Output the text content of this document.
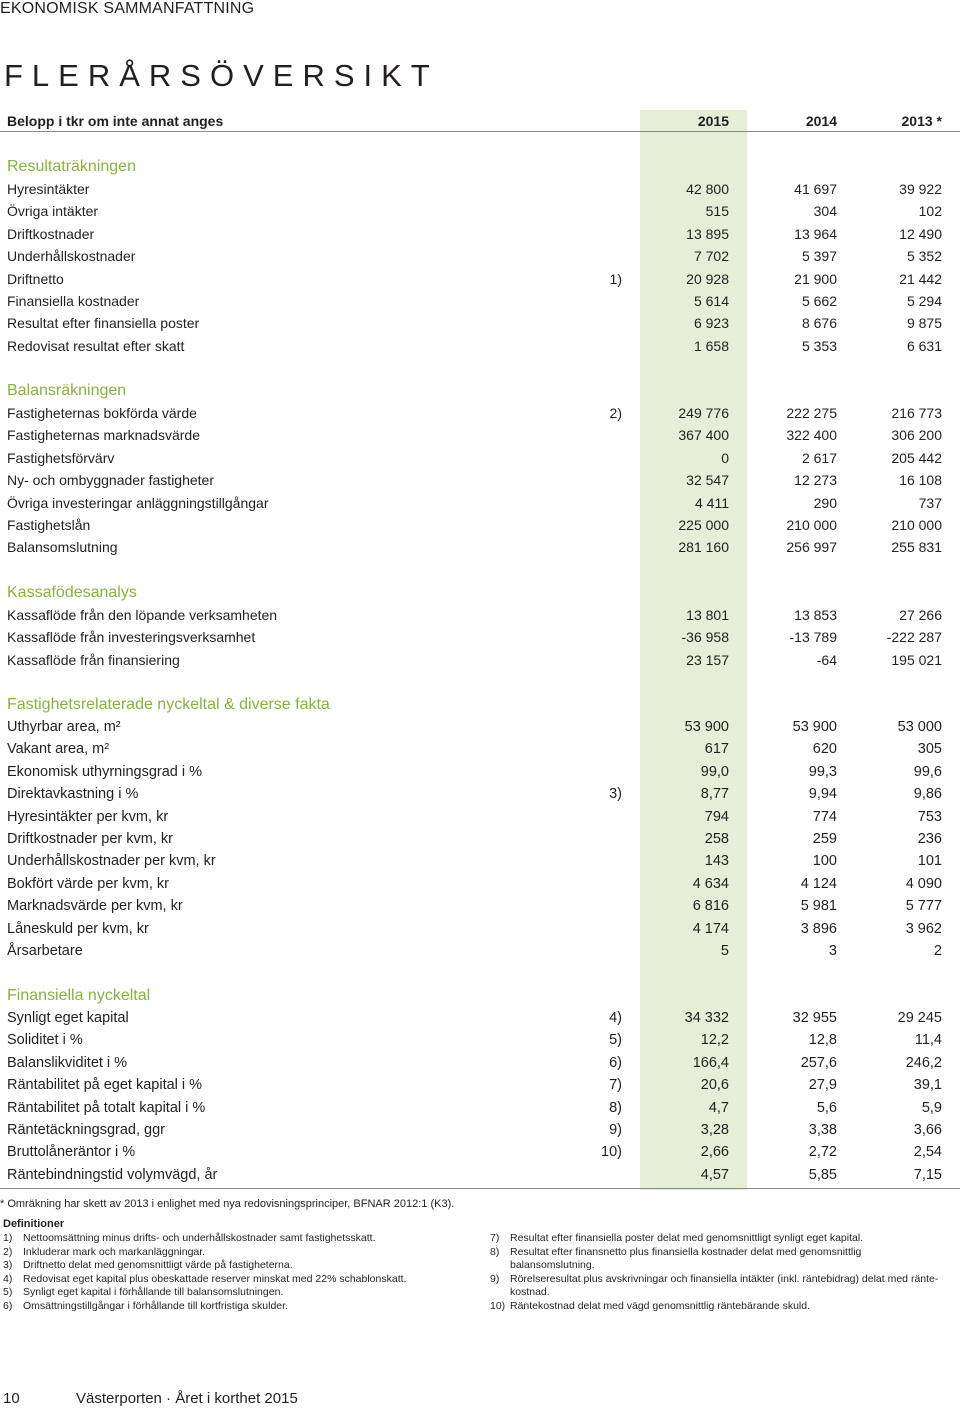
EKONOMISK SAMMANFATTNING
FLERÅRSÖVERSIKT
Belopp i tkr om inte annat anges	2015	2014	2013 *
Resultaträkningen
Hyresintäkter	42 800	41 697	39 922
Övriga intäkter	515	304	102
Driftkostnader	13 895	13 964	12 490
Underhållskostnader	7 702	5 397	5 352
Driftnetto	1)	20 928	21 900	21 442
Finansiella kostnader	5 614	5 662	5 294
Resultat efter finansiella poster	6 923	8 676	9 875
Redovisat resultat efter skatt	1 658	5 353	6 631
Balansräkningen
Fastigheternas bokförda värde	2)	249 776	222 275	216 773
Fastigheternas marknadsvärde	367 400	322 400	306 200
Fastighetsförvärv	0	2 617	205 442
Ny- och ombyggnader fastigheter	32 547	12 273	16 108
Övriga investeringar anläggningstillgångar	4 411	290	737
Fastighetslån	225 000	210 000	210 000
Balansomslutning	281 160	256 997	255 831
Kassafödesanalys
Kassaflöde från den löpande verksamheten	13 801	13 853	27 266
Kassaflöde från investeringsverksamhet	-36 958	-13 789	-222 287
Kassaflöde från finansiering	23 157	-64	195 021
Fastighetsrelaterade nyckeltal & diverse fakta
Uthyrbar area, m²	53 900	53 900	53 000
Vakant area, m²	617	620	305
Ekonomisk uthyrningsgrad i %	99,0	99,3	99,6
Direktavkastning i %	3)	8,77	9,94	9,86
Hyresintäkter per kvm, kr	794	774	753
Driftkostnader per kvm, kr	258	259	236
Underhållskostnader per kvm, kr	143	100	101
Bokfört värde per kvm, kr	4 634	4 124	4 090
Marknadsvärde per kvm, kr	6 816	5 981	5 777
Låneskuld per kvm, kr	4 174	3 896	3 962
Årsarbetare	5	3	2
Finansiella nyckeltal
Synligt eget kapital	4)	34 332	32 955	29 245
Soliditet i %	5)	12,2	12,8	11,4
Balanslikviditet i %	6)	166,4	257,6	246,2
Räntabilitet på eget kapital i %	7)	20,6	27,9	39,1
Räntabilitet på totalt kapital i %	8)	4,7	5,6	5,9
Räntetäckningsgrad, ggr	9)	3,28	3,38	3,66
Bruttolåneräntor i %	10)	2,66	2,72	2,54
Räntebindningstid volymvägd, år	4,57	5,85	7,15
* Omräkning har skett av 2013 i enlighet med nya redovisningsprinciper, BFNAR 2012:1 (K3).
Definitioner
1) Nettoomsättning minus drifts- och underhållskostnader samt fastighetsskatt.
2) Inkluderar mark och markanläggningar.
3) Driftnetto delat med genomsnittligt värde på fastigheterna.
4) Redovisat eget kapital plus obeskattade reserver minskat med 22% schablonskatt.
5) Synligt eget kapital i förhållande till balansomslutningen.
6) Omsättningstillgångar i förhållande till kortfristiga skulder.
7) Resultat efter finansiella poster delat med genomsnittligt synligt eget kapital.
8) Resultat efter finansnetto plus finansiella kostnader delat med genomsnittlig
balansomslutning.
9) Rörelseresultat plus avskrivningar och finansiella intäkter (inkl. räntebidrag) delat med ränte-
kostnad.
10) Räntekostnad delat med vägd genomsnittlig räntebärande skuld.
10	Västerporten · Året i korthet 2015
